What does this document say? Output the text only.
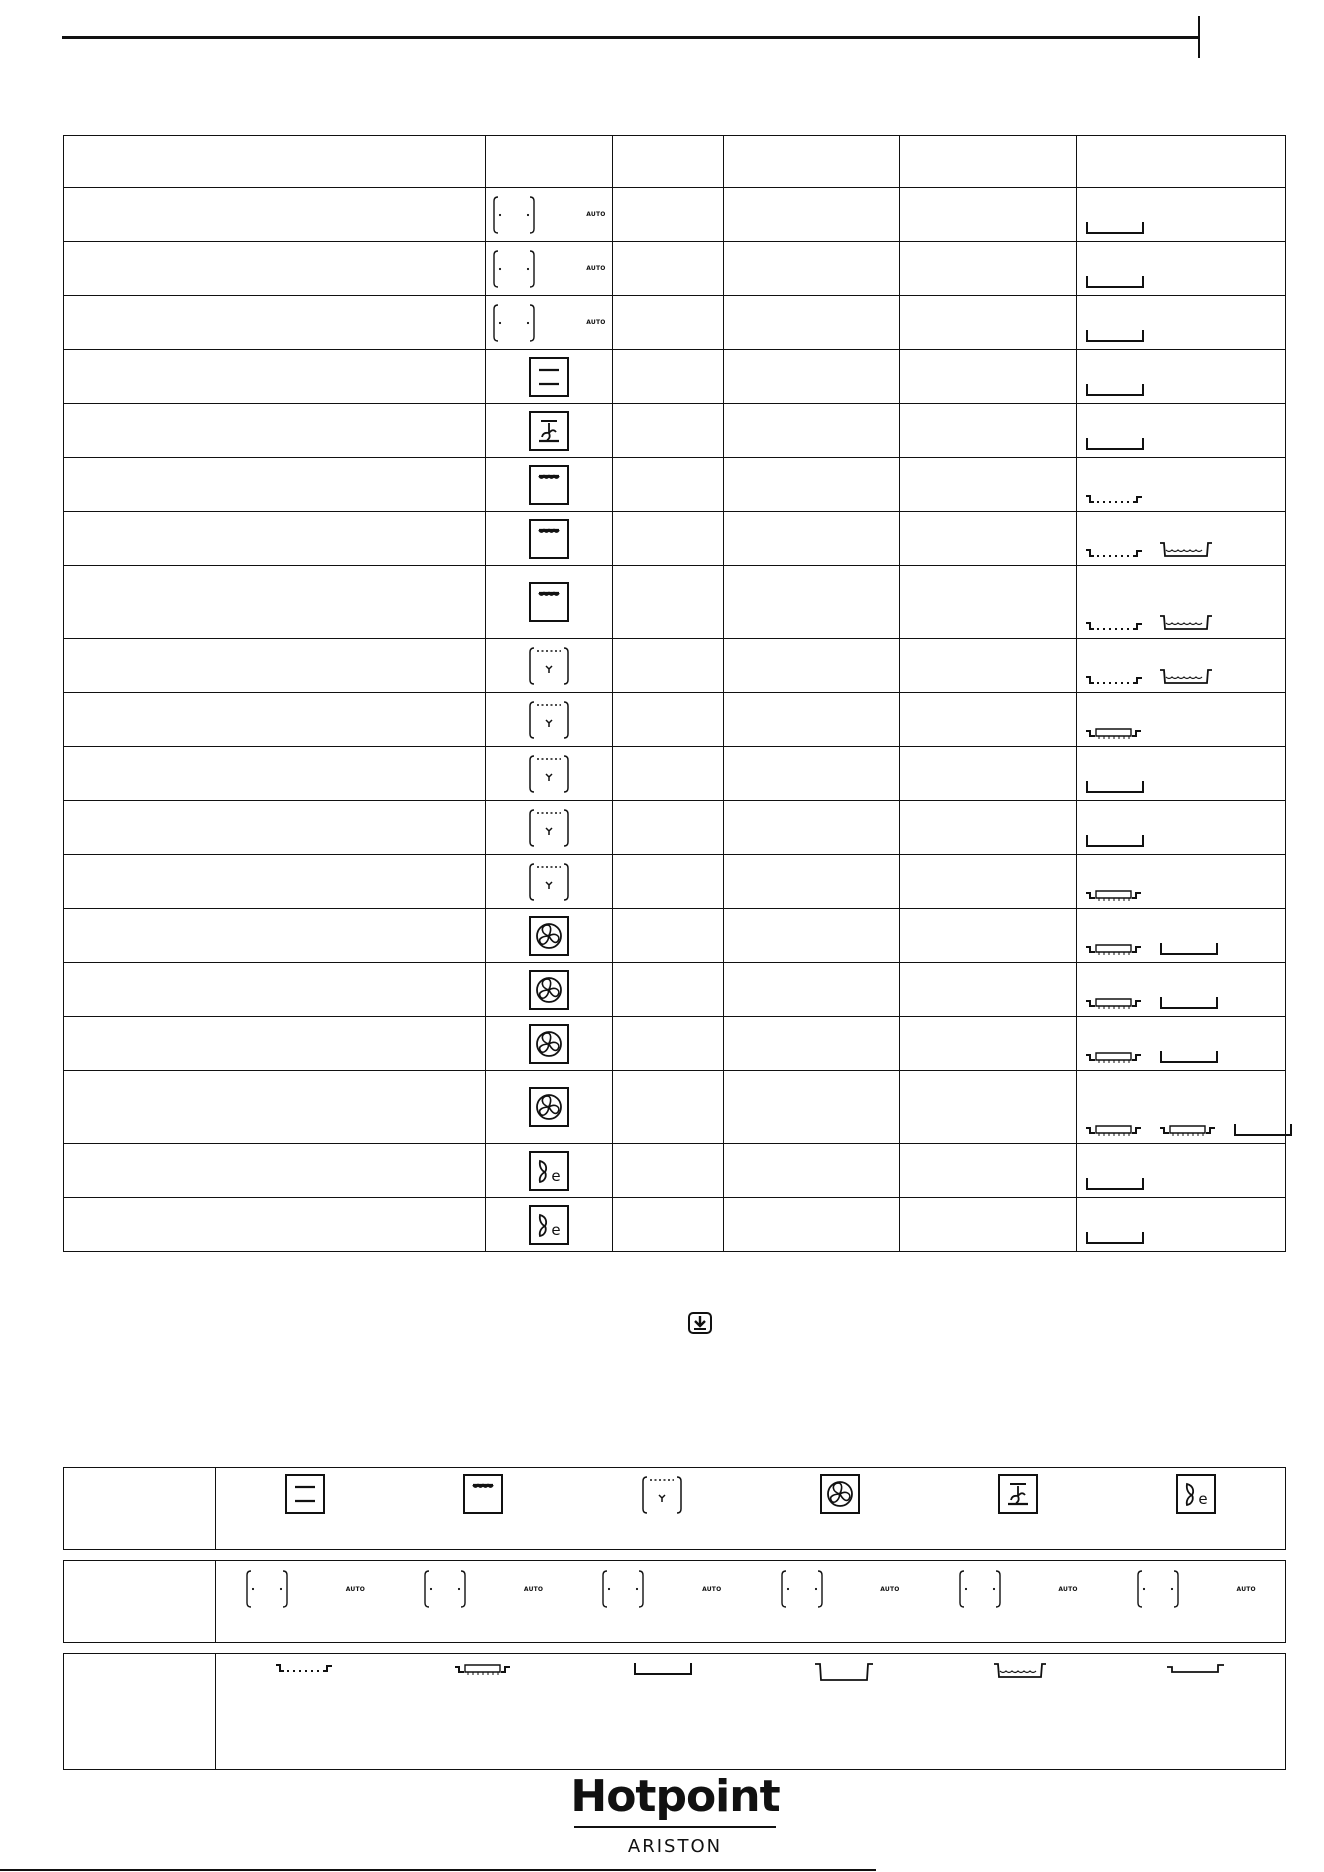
	AUTO

	AUTO

	AUTO

e

e

e
AUTO	AUTO	AUTO	AUTO	AUTO	AUTO
Hotpoint
ARISTON
